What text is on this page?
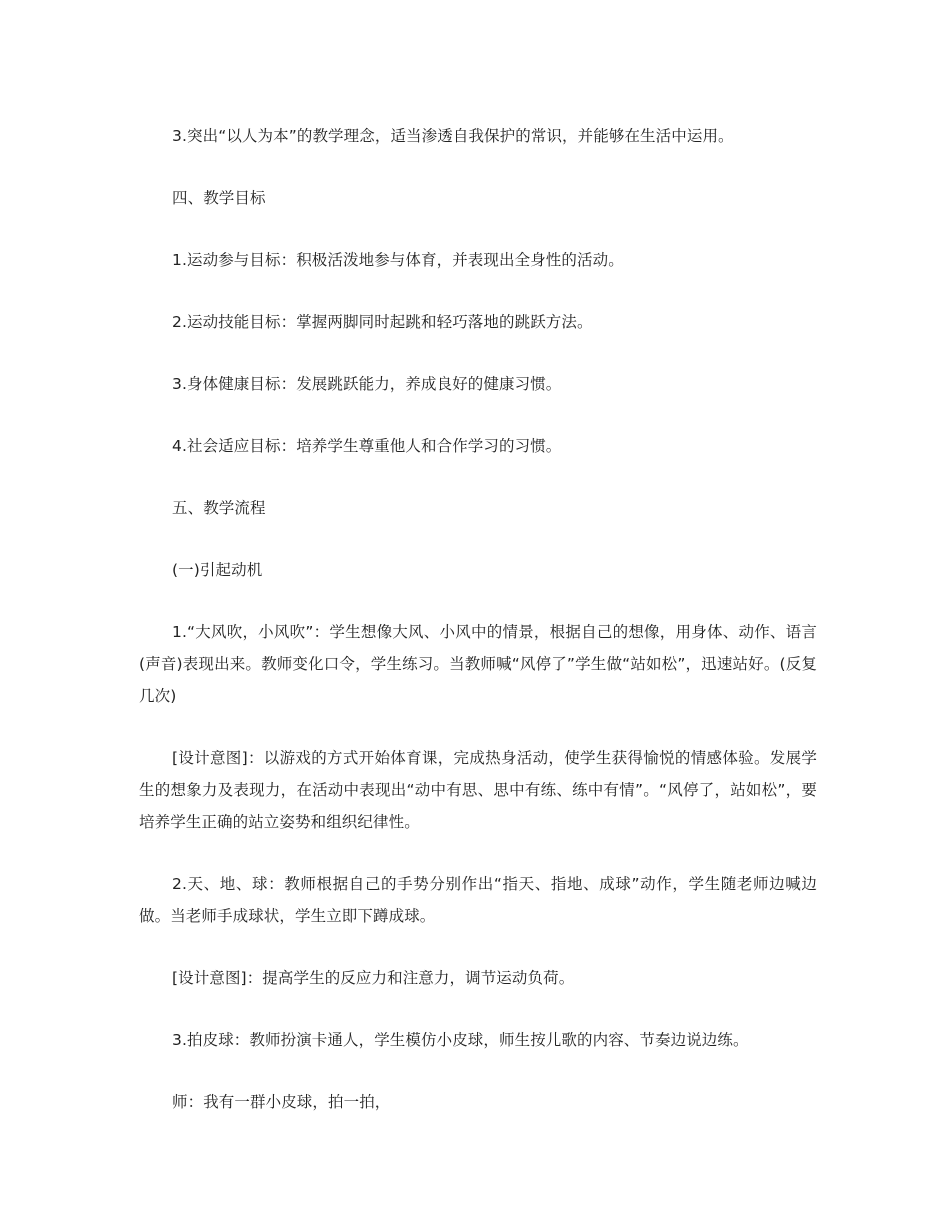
3.突出“以人为本”的教学理念，适当渗透自我保护的常识，并能够在生活中运用。

四、教学目标

1.运动参与目标：积极活泼地参与体育，并表现出全身性的活动。

2.运动技能目标：掌握两脚同时起跳和轻巧落地的跳跃方法。

3.身体健康目标：发展跳跃能力，养成良好的健康习惯。

4.社会适应目标：培养学生尊重他人和合作学习的习惯。

五、教学流程

(一)引起动机

1.“大风吹，小风吹”：学生想像大风、小风中的情景，根据自己的想像，用身体、动作、语言(声音)表现出来。教师变化口令，学生练习。当教师喊“风停了”学生做“站如松”，迅速站好。(反复几次)

[设计意图]：以游戏的方式开始体育课，完成热身活动，使学生获得愉悦的情感体验。发展学生的想象力及表现力，在活动中表现出“动中有思、思中有练、练中有情”。“风停了，站如松”，要培养学生正确的站立姿势和组织纪律性。

2.天、地、球：教师根据自己的手势分别作出“指天、指地、成球”动作，学生随老师边喊边做。当老师手成球状，学生立即下蹲成球。

[设计意图]：提高学生的反应力和注意力，调节运动负荷。

3.拍皮球：教师扮演卡通人，学生模仿小皮球，师生按儿歌的内容、节奏边说边练。

师：我有一群小皮球，拍一拍，
